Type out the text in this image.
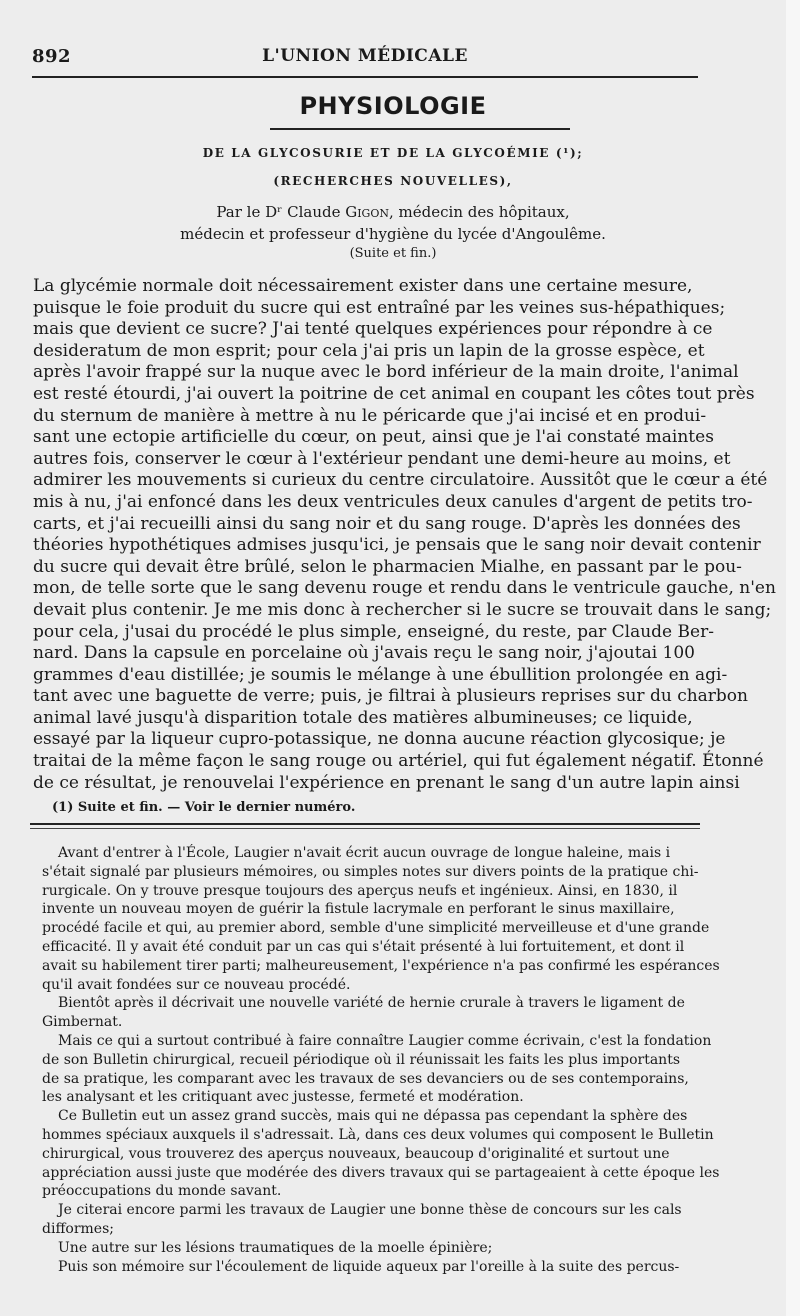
892	L'UNION MÉDICALE
PHYSIOLOGIE
DE LA GLYCOSURIE ET DE LA GLYCOÉMIE (¹);
(RECHERCHES NOUVELLES),
Par le Dʳ Claude Gigon, médecin des hôpitaux,
médecin et professeur d'hygiène du lycée d'Angoulême.
(Suite et fin.)
La glycémie normale doit nécessairement exister dans une certaine mesure,
puisque le foie produit du sucre qui est entraîné par les veines sus-hépathiques;
mais que devient ce sucre? J'ai tenté quelques expériences pour répondre à ce
desideratum de mon esprit; pour cela j'ai pris un lapin de la grosse espèce, et
après l'avoir frappé sur la nuque avec le bord inférieur de la main droite, l'animal
est resté étourdi, j'ai ouvert la poitrine de cet animal en coupant les côtes tout près
du sternum de manière à mettre à nu le péricarde que j'ai incisé et en produi-
sant une ectopie artificielle du cœur, on peut, ainsi que je l'ai constaté maintes
autres fois, conserver le cœur à l'extérieur pendant une demi-heure au moins, et
admirer les mouvements si curieux du centre circulatoire. Aussitôt que le cœur a été
mis à nu, j'ai enfoncé dans les deux ventricules deux canules d'argent de petits tro-
carts, et j'ai recueilli ainsi du sang noir et du sang rouge. D'après les données des
théories hypothétiques admises jusqu'ici, je pensais que le sang noir devait contenir
du sucre qui devait être brûlé, selon le pharmacien Mialhe, en passant par le pou-
mon, de telle sorte que le sang devenu rouge et rendu dans le ventricule gauche, n'en
devait plus contenir. Je me mis donc à rechercher si le sucre se trouvait dans le sang;
pour cela, j'usai du procédé le plus simple, enseigné, du reste, par Claude Ber-
nard. Dans la capsule en porcelaine où j'avais reçu le sang noir, j'ajoutai 100
grammes d'eau distillée; je soumis le mélange à une ébullition prolongée en agi-
tant avec une baguette de verre; puis, je filtrai à plusieurs reprises sur du charbon
animal lavé jusqu'à disparition totale des matières albumineuses; ce liquide,
essayé par la liqueur cupro-potassique, ne donna aucune réaction glycosique; je
traitai de la même façon le sang rouge ou artériel, qui fut également négatif. Étonné
de ce résultat, je renouvelai l'expérience en prenant le sang d'un autre lapin ainsi
(1) Suite et fin. — Voir le dernier numéro.
Avant d'entrer à l'École, Laugier n'avait écrit aucun ouvrage de longue haleine, mais i
s'était signalé par plusieurs mémoires, ou simples notes sur divers points de la pratique chi-
rurgicale. On y trouve presque toujours des aperçus neufs et ingénieux. Ainsi, en 1830, il
invente un nouveau moyen de guérir la fistule lacrymale en perforant le sinus maxillaire,
procédé facile et qui, au premier abord, semble d'une simplicité merveilleuse et d'une grande
efficacité. Il y avait été conduit par un cas qui s'était présenté à lui fortuitement, et dont il
avait su habilement tirer parti; malheureusement, l'expérience n'a pas confirmé les espérances
qu'il avait fondées sur ce nouveau procédé.
Bientôt après il décrivait une nouvelle variété de hernie crurale à travers le ligament de
Gimbernat.
Mais ce qui a surtout contribué à faire connaître Laugier comme écrivain, c'est la fondation
de son Bulletin chirurgical, recueil périodique où il réunissait les faits les plus importants
de sa pratique, les comparant avec les travaux de ses devanciers ou de ses contemporains,
les analysant et les critiquant avec justesse, fermeté et modération.
Ce Bulletin eut un assez grand succès, mais qui ne dépassa pas cependant la sphère des
hommes spéciaux auxquels il s'adressait. Là, dans ces deux volumes qui composent le Bulletin
chirurgical, vous trouverez des aperçus nouveaux, beaucoup d'originalité et surtout une
appréciation aussi juste que modérée des divers travaux qui se partageaient à cette époque les
préoccupations du monde savant.
Je citerai encore parmi les travaux de Laugier une bonne thèse de concours sur les cals
difformes;
Une autre sur les lésions traumatiques de la moelle épinière;
Puis son mémoire sur l'écoulement de liquide aqueux par l'oreille à la suite des percus-
